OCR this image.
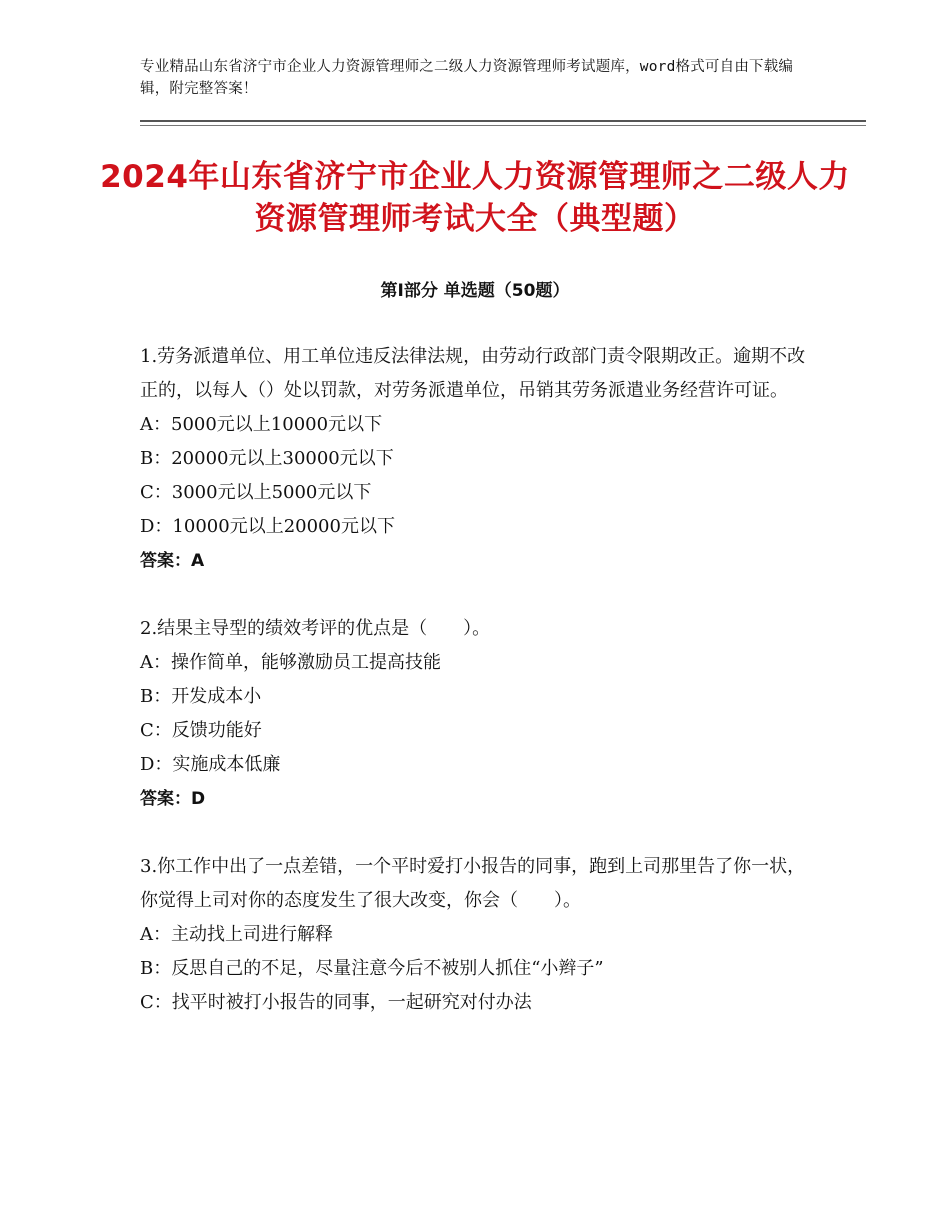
专业精品山东省济宁市企业人力资源管理师之二级人力资源管理师考试题库，word格式可自由下载编辑，附完整答案！
2024年山东省济宁市企业人力资源管理师之二级人力资源管理师考试大全（典型题）
第I部分 单选题（50题）
1.劳务派遣单位、用工单位违反法律法规，由劳动行政部门责令限期改正。逾期不改正的，以每人（）处以罚款，对劳务派遣单位，吊销其劳务派遣业务经营许可证。
A：5000元以上10000元以下
B：20000元以上30000元以下
C：3000元以上5000元以下
D：10000元以上20000元以下
答案：A
2.结果主导型的绩效考评的优点是（　　）。
A：操作简单，能够激励员工提高技能
B：开发成本小
C：反馈功能好
D：实施成本低廉
答案：D
3.你工作中出了一点差错，一个平时爱打小报告的同事，跑到上司那里告了你一状，你觉得上司对你的态度发生了很大改变，你会（　　）。
A：主动找上司进行解释
B：反思自己的不足，尽量注意今后不被别人抓住“小辫子”
C：找平时被打小报告的同事，一起研究对付办法
